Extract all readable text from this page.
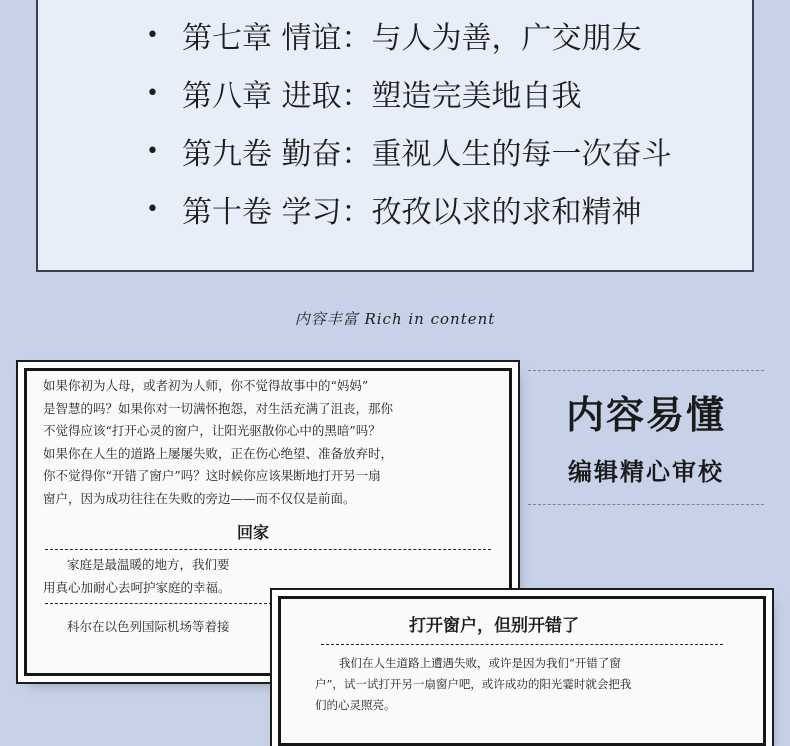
• 第七章 情谊：与人为善，广交朋友
• 第八章 进取：塑造完美地自我
• 第九卷 勤奋：重视人生的每一次奋斗
• 第十卷 学习：孜孜以求的求和精神
内容丰富 Rich in content
如果你初为人母，或者初为人师，你不觉得故事中的“妈妈”
是智慧的吗？如果你对一切满怀抱怨，对生活充满了沮丧，那你
不觉得应该“打开心灵的窗户，让阳光驱散你心中的黑暗”吗？
如果你在人生的道路上屡屡失败，正在伤心绝望、准备放弃时，
你不觉得你“开错了窗户”吗？这时候你应该果断地打开另一扇
窗户，因为成功往往在失败的旁边——而不仅仅是前面。
回家
家庭是最温暖的地方，我们要
用真心加耐心去呵护家庭的幸福。
科尔在以色列国际机场等着接
内容易懂
编辑精心审校
打开窗户，但别开错了
我们在人生道路上遭遇失败，或许是因为我们“开错了窗
户”，试一试打开另一扇窗户吧，或许成功的阳光霎时就会把我
们的心灵照亮。
